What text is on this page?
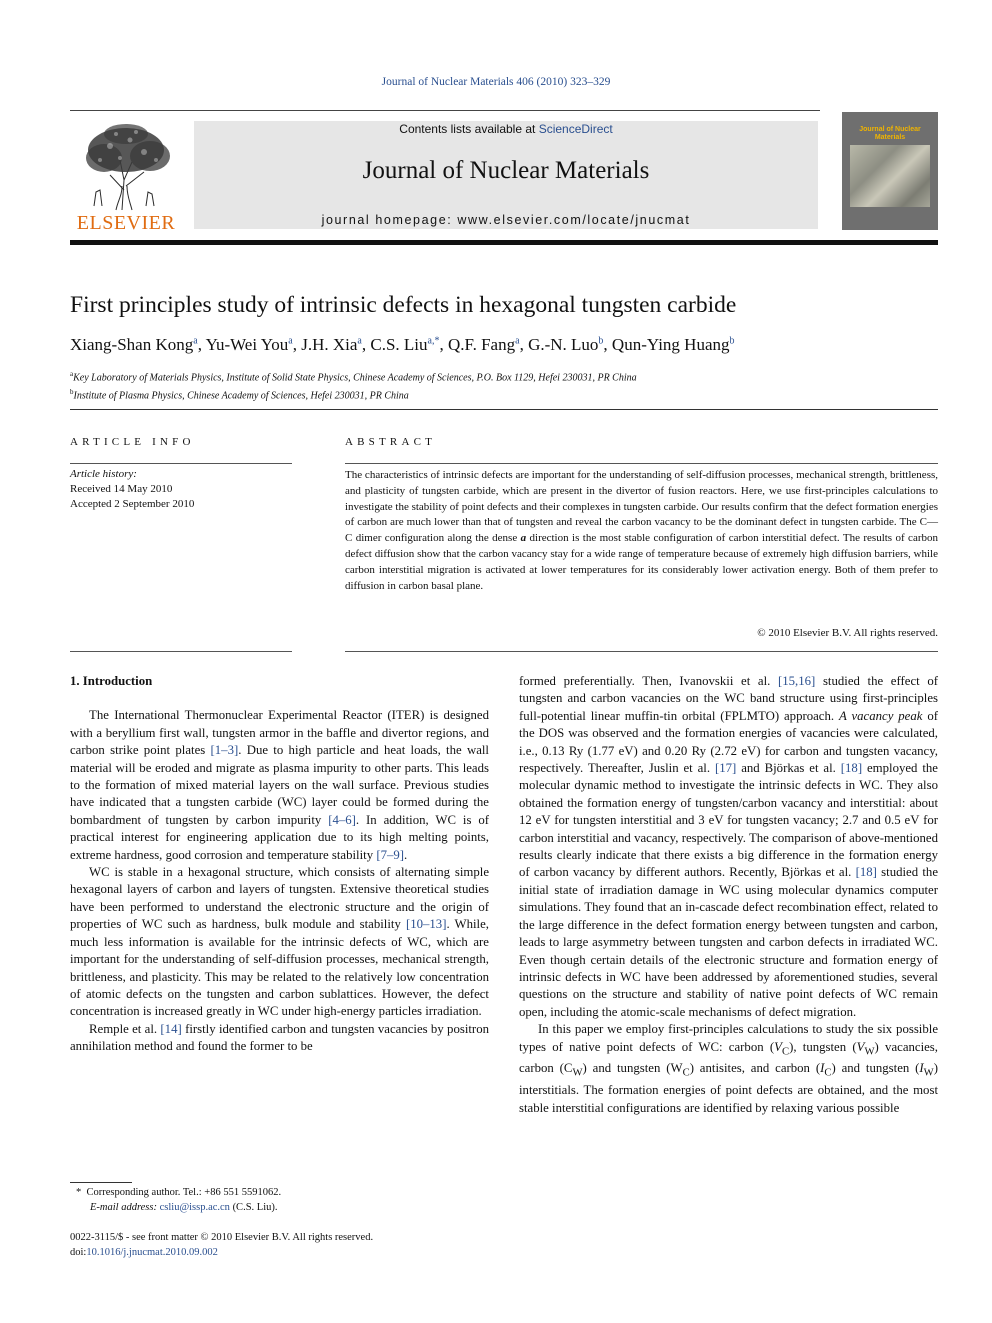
Journal of Nuclear Materials 406 (2010) 323–329
ELSEVIER
Contents lists available at ScienceDirect
Journal of Nuclear Materials
journal homepage: www.elsevier.com/locate/jnucmat
Journal of Nuclear Materials
First principles study of intrinsic defects in hexagonal tungsten carbide
Xiang-Shan Kong$^a$, Yu-Wei You$^a$, J.H. Xia$^a$, C.S. Liu$^{a,*}$, Q.F. Fang$^a$, G.-N. Luo$^b$, Qun-Ying Huang$^b$
$^a$Key Laboratory of Materials Physics, Institute of Solid State Physics, Chinese Academy of Sciences, P.O. Box 1129, Hefei 230031, PR China
$^b$Institute of Plasma Physics, Chinese Academy of Sciences, Hefei 230031, PR China
ARTICLE INFO	ABSTRACT
Article history:
Received 14 May 2010
Accepted 2 September 2010
The characteristics of intrinsic defects are important for the understanding of self-diffusion processes, mechanical strength, brittleness, and plasticity of tungsten carbide, which are present in the divertor of fusion reactors. Here, we use first-principles calculations to investigate the stability of point defects and their complexes in tungsten carbide. Our results confirm that the defect formation energies of carbon are much lower than that of tungsten and reveal the carbon vacancy to be the dominant defect in tungsten carbide. The C—C dimer configuration along the dense a direction is the most stable configuration of carbon interstitial defect. The results of carbon defect diffusion show that the carbon vacancy stay for a wide range of temperature because of extremely high diffusion barriers, while carbon interstitial migration is activated at lower temperatures for its considerably lower activation energy. Both of them prefer to diffusion in carbon basal plane.
© 2010 Elsevier B.V. All rights reserved.
1. Introduction

The International Thermonuclear Experimental Reactor (ITER) is designed with a beryllium first wall, tungsten armor in the baffle and divertor regions, and carbon strike point plates [1–3]. Due to high particle and heat loads, the wall material will be eroded and migrate as plasma impurity to other parts. This leads to the formation of mixed material layers on the wall surface. Previous studies have indicated that a tungsten carbide (WC) layer could be formed during the bombardment of tungsten by carbon impurity [4–6]. In addition, WC is of practical interest for engineering application due to its high melting points, extreme hardness, good corrosion and temperature stability [7–9].

WC is stable in a hexagonal structure, which consists of alternating simple hexagonal layers of carbon and layers of tungsten. Extensive theoretical studies have been performed to understand the electronic structure and the origin of properties of WC such as hardness, bulk module and stability [10–13]. While, much less information is available for the intrinsic defects of WC, which are important for the understanding of self-diffusion processes, mechanical strength, brittleness, and plasticity. This may be related to the relatively low concentration of atomic defects on the tungsten and carbon sublattices. However, the defect concentration is increased greatly in WC under high-energy particles irradiation.

Remple et al. [14] firstly identified carbon and tungsten vacancies by positron annihilation method and found the former to be

formed preferentially. Then, Ivanovskii et al. [15,16] studied the effect of tungsten and carbon vacancies on the WC band structure using first-principles full-potential linear muffin-tin orbital (FPLMTO) approach. A vacancy peak of the DOS was observed and the formation energies of vacancies were calculated, i.e., 0.13 Ry (1.77 eV) and 0.20 Ry (2.72 eV) for carbon and tungsten vacancy, respectively. Thereafter, Juslin et al. [17] and Björkas et al. [18] employed the molecular dynamic method to investigate the intrinsic defects in WC. They also obtained the formation energy of tungsten/carbon vacancy and interstitial: about 12 eV for tungsten interstitial and 3 eV for tungsten vacancy; 2.7 and 0.5 eV for carbon interstitial and vacancy, respectively. The comparison of above-mentioned results clearly indicate that there exists a big difference in the formation energy of carbon vacancy by different authors. Recently, Björkas et al. [18] studied the initial state of irradiation damage in WC using molecular dynamics computer simulations. They found that an in-cascade defect recombination effect, related to the large difference in the defect formation energy between tungsten and carbon, leads to large asymmetry between tungsten and carbon defects in irradiated WC. Even though certain details of the electronic structure and formation energy of intrinsic defects in WC have been addressed by aforementioned studies, several questions on the structure and stability of native point defects of WC remain open, including the atomic-scale mechanisms of defect migration.

In this paper we employ first-principles calculations to study the six possible types of native point defects of WC: carbon $(V_C)$, tungsten $(V_W)$ vacancies, carbon $(C_W)$ and tungsten $(W_C)$ antisites, and carbon $(I_C)$ and tungsten $(I_W)$ interstitials. The formation energies of point defects are obtained, and the most stable interstitial configurations are identified by relaxing various possible

* Corresponding author. Tel.: +86 551 5591062.
E-mail address: csliu@issp.ac.cn (C.S. Liu).
0022-3115/$ - see front matter © 2010 Elsevier B.V. All rights reserved.
doi:10.1016/j.jnucmat.2010.09.002
